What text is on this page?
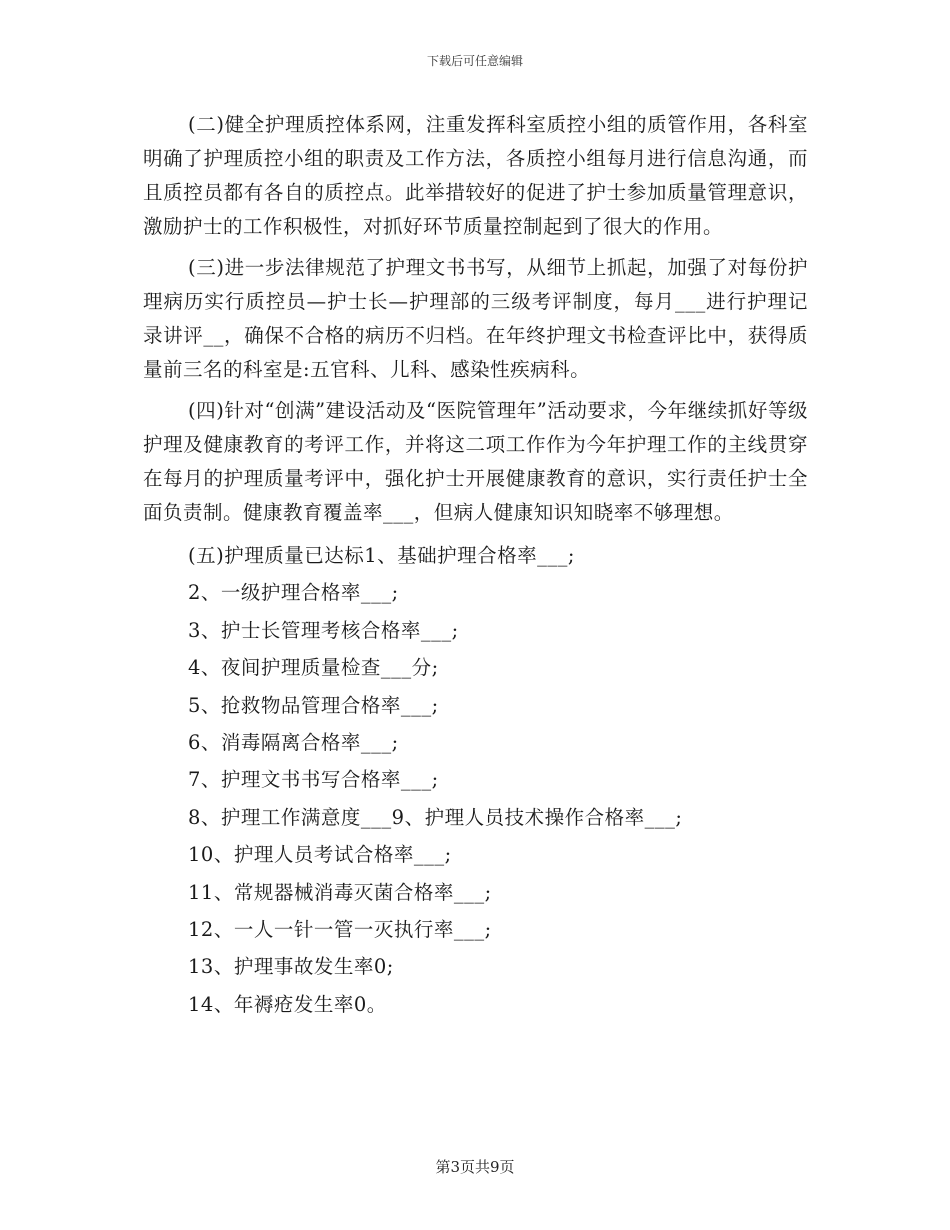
下载后可任意编辑

(二)健全护理质控体系网，注重发挥科室质控小组的质管作用，各科室明确了护理质控小组的职责及工作方法，各质控小组每月进行信息沟通，而且质控员都有各自的质控点。此举措较好的促进了护士参加质量管理意识，激励护士的工作积极性，对抓好环节质量控制起到了很大的作用。

(三)进一步法律规范了护理文书书写，从细节上抓起，加强了对每份护理病历实行质控员—护士长—护理部的三级考评制度，每月___进行护理记录讲评__，确保不合格的病历不归档。在年终护理文书检查评比中，获得质量前三名的科室是:五官科、儿科、感染性疾病科。

(四)针对“创满”建设活动及“医院管理年”活动要求，今年继续抓好等级护理及健康教育的考评工作，并将这二项工作作为今年护理工作的主线贯穿在每月的护理质量考评中，强化护士开展健康教育的意识，实行责任护士全面负责制。健康教育覆盖率___，但病人健康知识知晓率不够理想。

(五)护理质量已达标1、基础护理合格率___;

2、一级护理合格率___;

3、护士长管理考核合格率___;

4、夜间护理质量检查___分;

5、抢救物品管理合格率___;

6、消毒隔离合格率___;

7、护理文书书写合格率___;

8、护理工作满意度___9、护理人员技术操作合格率___;

10、护理人员考试合格率___;

11、常规器械消毒灭菌合格率___;

12、一人一针一管一灭执行率___;

13、护理事故发生率0;

14、年褥疮发生率0。

第3页共9页
